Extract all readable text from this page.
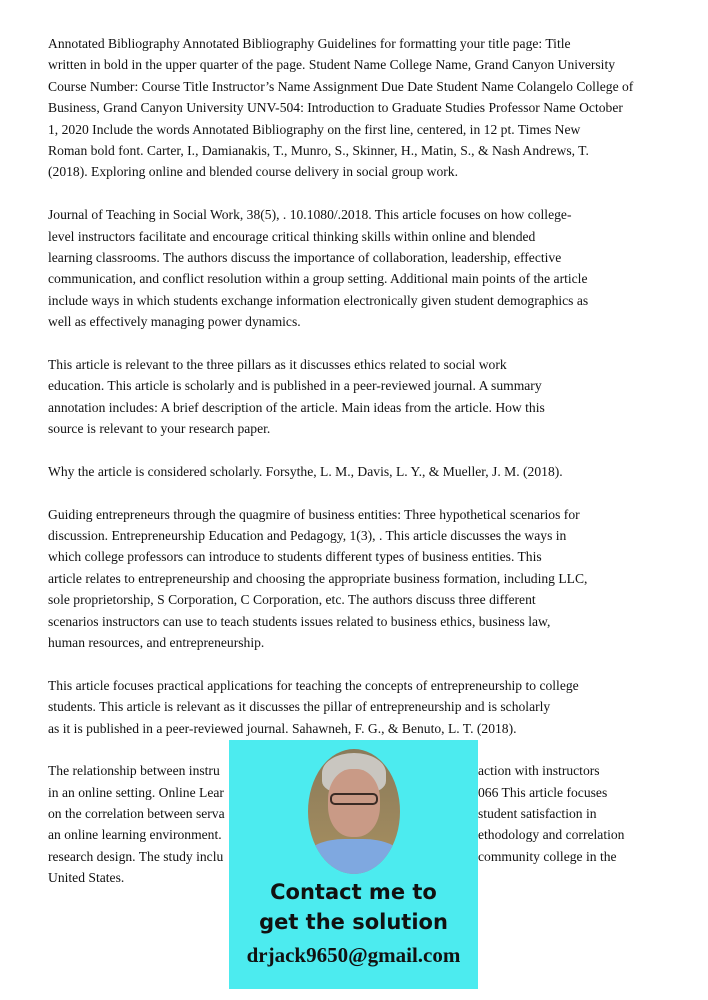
Annotated Bibliography Annotated Bibliography Guidelines for formatting your title page: Title
written in bold in the upper quarter of the page. Student Name College Name, Grand Canyon University
Course Number: Course Title Instructor’s Name Assignment Due Date Student Name Colangelo College of
Business, Grand Canyon University UNV-504: Introduction to Graduate Studies Professor Name October
1, 2020 Include the words Annotated Bibliography on the first line, centered, in 12 pt. Times New
Roman bold font. Carter, I., Damianakis, T., Munro, S., Skinner, H., Matin, S., & Nash Andrews, T.
(2018). Exploring online and blended course delivery in social group work.
Journal of Teaching in Social Work, 38(5), . 10.1080/.2018. This article focuses on how college-
level instructors facilitate and encourage critical thinking skills within online and blended
learning classrooms. The authors discuss the importance of collaboration, leadership, effective
communication, and conflict resolution within a group setting. Additional main points of the article
include ways in which students exchange information electronically given student demographics as
well as effectively managing power dynamics.
This article is relevant to the three pillars as it discusses ethics related to social work
education. This article is scholarly and is published in a peer-reviewed journal. A summary
annotation includes: A brief description of the article. Main ideas from the article. How this
source is relevant to your research paper.
Why the article is considered scholarly. Forsythe, L. M., Davis, L. Y., & Mueller, J. M. (2018).
Guiding entrepreneurs through the quagmire of business entities: Three hypothetical scenarios for
discussion. Entrepreneurship Education and Pedagogy, 1(3), . This article discusses the ways in
which college professors can introduce to students different types of business entities. This
article relates to entrepreneurship and choosing the appropriate business formation, including LLC,
sole proprietorship, S Corporation, C Corporation, etc. The authors discuss three different
scenarios instructors can use to teach students issues related to business ethics, business law,
human resources, and entrepreneurship.
This article focuses practical applications for teaching the concepts of entrepreneurship to college
students. This article is relevant as it discusses the pillar of entrepreneurship and is scholarly
as it is published in a peer-reviewed journal. Sahawneh, F. G., & Benuto, L. T. (2018).
The relationship between instru	action with instructors
in an online setting. Online Lear	066 This article focuses
on the correlation between serva	student satisfaction in
an online learning environment.	ethodology and correlation
research design. The study inclu	community college in the
United States.
Contact me to
get the solution
drjack9650@gmail.com
